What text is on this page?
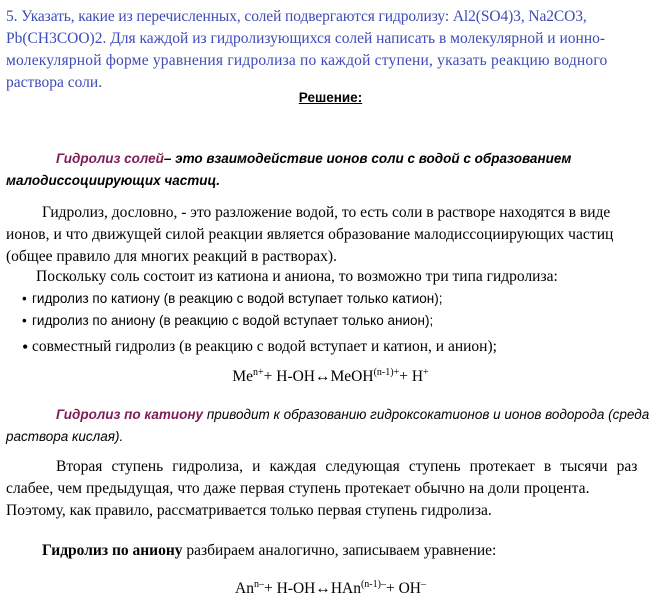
5. Указать, какие из перечисленных, солей подвергаются гидролизу: Al2(SO4)3, Na2CO3,
Pb(CH3COO)2. Для каждой из гидролизующихся солей написать в молекулярной и ионно-
молекулярной форме уравнения гидролиза по каждой ступени, указать реакцию водного
раствора соли.
Решение:
Гидролиз солей– это взаимодействие ионов соли с водой с образованием
малодиссоциирующих частиц.
Гидролиз, дословно, - это разложение водой, то есть соли в растворе находятся в виде
ионов, и что движущей силой реакции является образование малодиссоциирующих частиц
(общее правило для многих реакций в растворах).
Поскольку соль состоит из катиона и аниона, то возможно три типа гидролиза:
• гидролиз по катиону (в реакцию с водой вступает только катион);
• гидролиз по аниону (в реакцию с водой вступает только анион);
• совместный гидролиз (в реакцию с водой вступает и катион, и анион);
$Me^{n+}+$ H-OH↔MeOH$^{(n-1)+}$+ H+
Гидролиз по катиону приводит к образованию гидроксокатионов и ионов водорода (среда
раствора кислая).
Вторая ступень гидролиза, и каждая следующая ступень протекает в тысячи раз
слабее, чем предыдущая, что даже первая ступень протекает обычно на доли процента.
Поэтому, как правило, рассматривается только первая ступень гидролиза.
Гидролиз по аниону разбираем аналогично, записываем уравнение:
$An^{n-}+$ H-OH↔HAn$^{(n-1)-}$+ OH–
